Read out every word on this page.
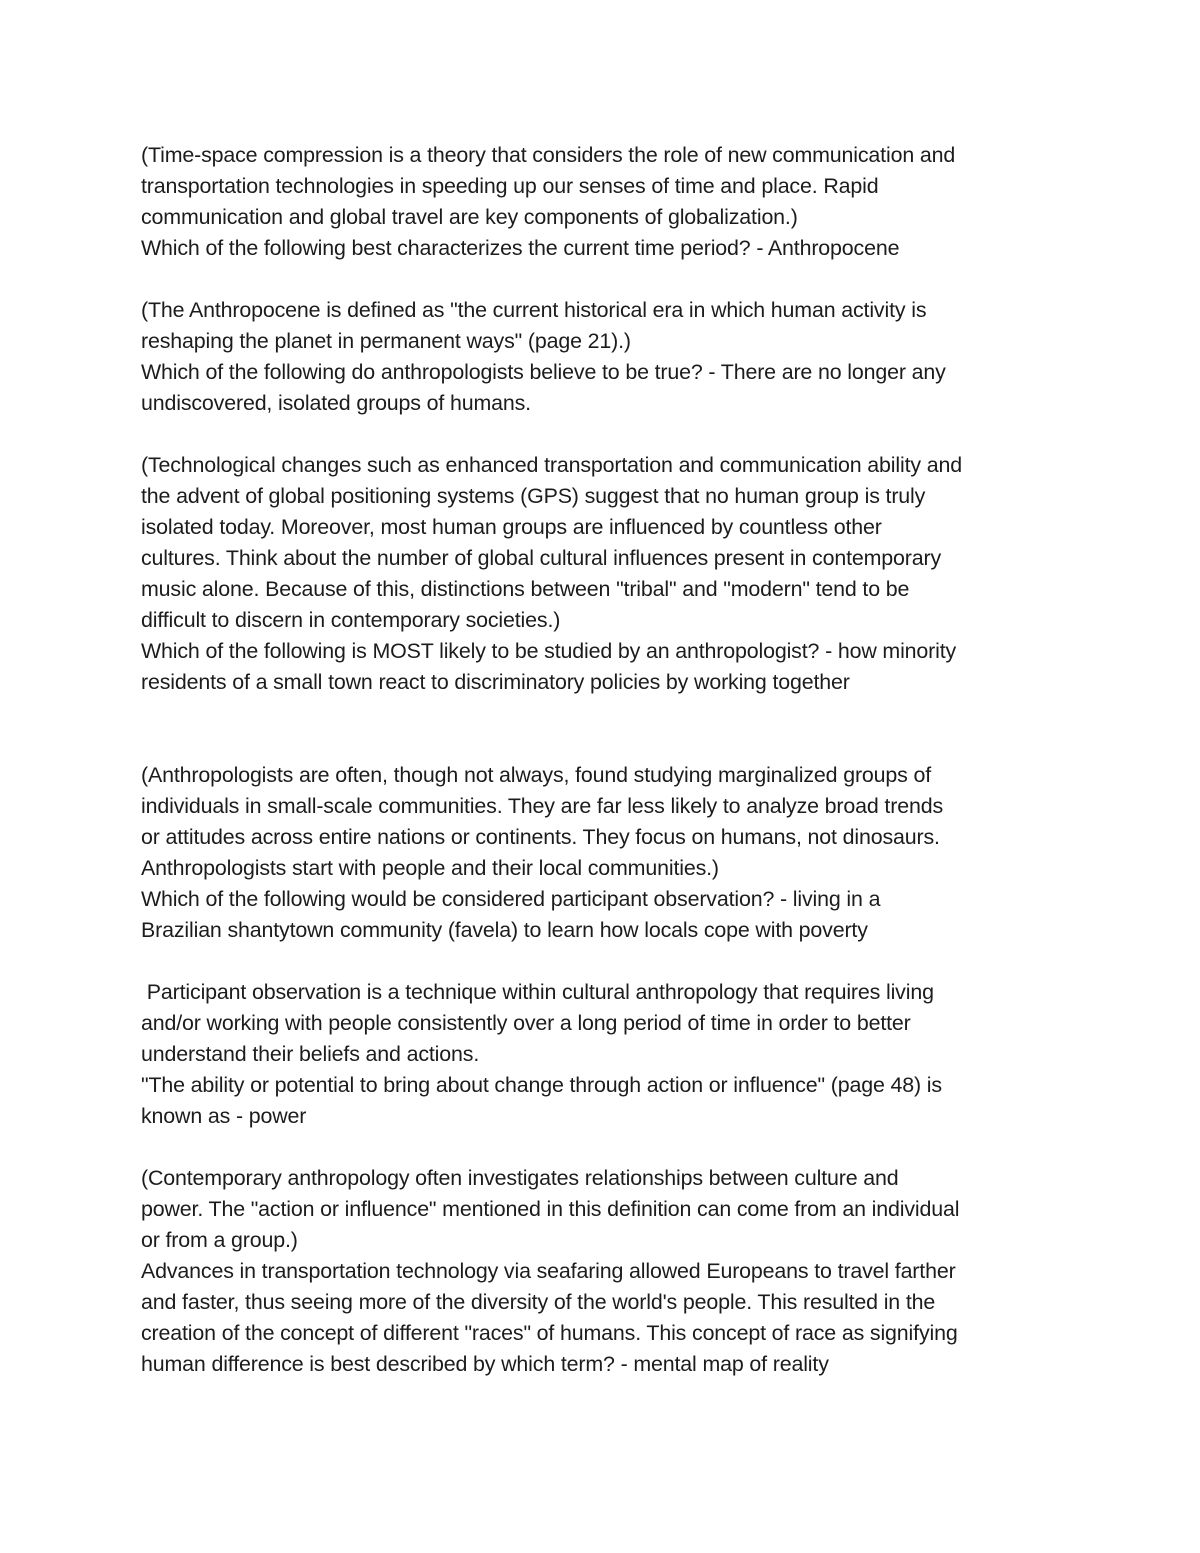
(Time-space compression is a theory that considers the role of new communication and
transportation technologies in speeding up our senses of time and place. Rapid
communication and global travel are key components of globalization.)
Which of the following best characterizes the current time period? - Anthropocene
(The Anthropocene is defined as "the current historical era in which human activity is
reshaping the planet in permanent ways" (page 21).)
Which of the following do anthropologists believe to be true? - There are no longer any
undiscovered, isolated groups of humans.
(Technological changes such as enhanced transportation and communication ability and
the advent of global positioning systems (GPS) suggest that no human group is truly
isolated today. Moreover, most human groups are influenced by countless other
cultures. Think about the number of global cultural influences present in contemporary
music alone. Because of this, distinctions between "tribal" and "modern" tend to be
difficult to discern in contemporary societies.)
Which of the following is MOST likely to be studied by an anthropologist? - how minority
residents of a small town react to discriminatory policies by working together
(Anthropologists are often, though not always, found studying marginalized groups of
individuals in small-scale communities. They are far less likely to analyze broad trends
or attitudes across entire nations or continents. They focus on humans, not dinosaurs.
Anthropologists start with people and their local communities.)
Which of the following would be considered participant observation? - living in a
Brazilian shantytown community (favela) to learn how locals cope with poverty
Participant observation is a technique within cultural anthropology that requires living
and/or working with people consistently over a long period of time in order to better
understand their beliefs and actions.
"The ability or potential to bring about change through action or influence" (page 48) is
known as - power
(Contemporary anthropology often investigates relationships between culture and
power. The "action or influence" mentioned in this definition can come from an individual
or from a group.)
Advances in transportation technology via seafaring allowed Europeans to travel farther
and faster, thus seeing more of the diversity of the world's people. This resulted in the
creation of the concept of different "races" of humans. This concept of race as signifying
human difference is best described by which term? - mental map of reality
